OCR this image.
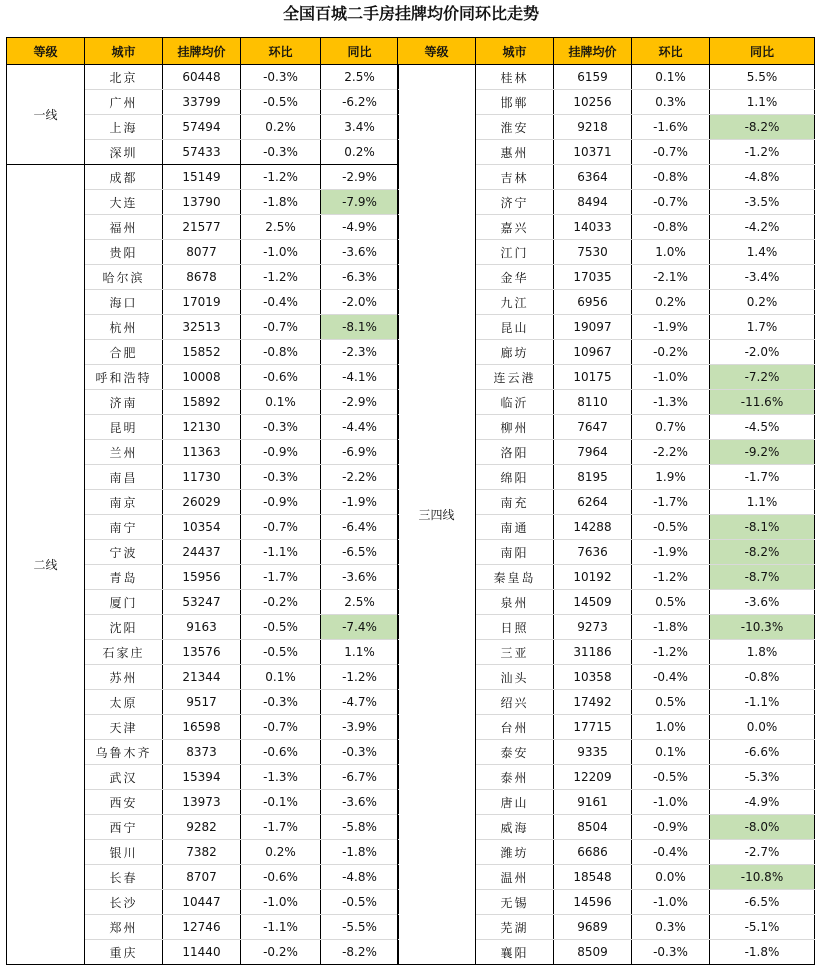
全国百城二手房挂牌均价同环比走势
等级	城市	挂牌均价	环比	同比
一线	北京	60448	-0.3%	2.5%
	广州	33799	-0.5%	-6.2%
	上海	57494	0.2%	3.4%
	深圳	57433	-0.3%	0.2%
二线	成都	15149	-1.2%	-2.9%
	大连	13790	-1.8%	-7.9%
	福州	21577	2.5%	-4.9%
	贵阳	8077	-1.0%	-3.6%
	哈尔滨	8678	-1.2%	-6.3%
	海口	17019	-0.4%	-2.0%
	杭州	32513	-0.7%	-8.1%
	合肥	15852	-0.8%	-2.3%
	呼和浩特	10008	-0.6%	-4.1%
	济南	15892	0.1%	-2.9%
	昆明	12130	-0.3%	-4.4%
	兰州	11363	-0.9%	-6.9%
	南昌	11730	-0.3%	-2.2%
	南京	26029	-0.9%	-1.9%
	南宁	10354	-0.7%	-6.4%
	宁波	24437	-1.1%	-6.5%
	青岛	15956	-1.7%	-3.6%
	厦门	53247	-0.2%	2.5%
	沈阳	9163	-0.5%	-7.4%
	石家庄	13576	-0.5%	1.1%
	苏州	21344	0.1%	-1.2%
	太原	9517	-0.3%	-4.7%
	天津	16598	-0.7%	-3.9%
	乌鲁木齐	8373	-0.6%	-0.3%
	武汉	15394	-1.3%	-6.7%
	西安	13973	-0.1%	-3.6%
	西宁	9282	-1.7%	-5.8%
	银川	7382	0.2%	-1.8%
	长春	8707	-0.6%	-4.8%
	长沙	10447	-1.0%	-0.5%
	郑州	12746	-1.1%	-5.5%
	重庆	11440	-0.2%	-8.2%
等级	城市	挂牌均价	环比	同比
三四线	桂林	6159	0.1%	5.5%
	邯郸	10256	0.3%	1.1%
	淮安	9218	-1.6%	-8.2%
	惠州	10371	-0.7%	-1.2%
	吉林	6364	-0.8%	-4.8%
	济宁	8494	-0.7%	-3.5%
	嘉兴	14033	-0.8%	-4.2%
	江门	7530	1.0%	1.4%
	金华	17035	-2.1%	-3.4%
	九江	6956	0.2%	0.2%
	昆山	19097	-1.9%	1.7%
	廊坊	10967	-0.2%	-2.0%
	连云港	10175	-1.0%	-7.2%
	临沂	8110	-1.3%	-11.6%
	柳州	7647	0.7%	-4.5%
	洛阳	7964	-2.2%	-9.2%
	绵阳	8195	1.9%	-1.7%
	南充	6264	-1.7%	1.1%
	南通	14288	-0.5%	-8.1%
	南阳	7636	-1.9%	-8.2%
	秦皇岛	10192	-1.2%	-8.7%
	泉州	14509	0.5%	-3.6%
	日照	9273	-1.8%	-10.3%
	三亚	31186	-1.2%	1.8%
	汕头	10358	-0.4%	-0.8%
	绍兴	17492	0.5%	-1.1%
	台州	17715	1.0%	0.0%
	泰安	9335	0.1%	-6.6%
	泰州	12209	-0.5%	-5.3%
	唐山	9161	-1.0%	-4.9%
	威海	8504	-0.9%	-8.0%
	潍坊	6686	-0.4%	-2.7%
	温州	18548	0.0%	-10.8%
	无锡	14596	-1.0%	-6.5%
	芜湖	9689	0.3%	-5.1%
	襄阳	8509	-0.3%	-1.8%
